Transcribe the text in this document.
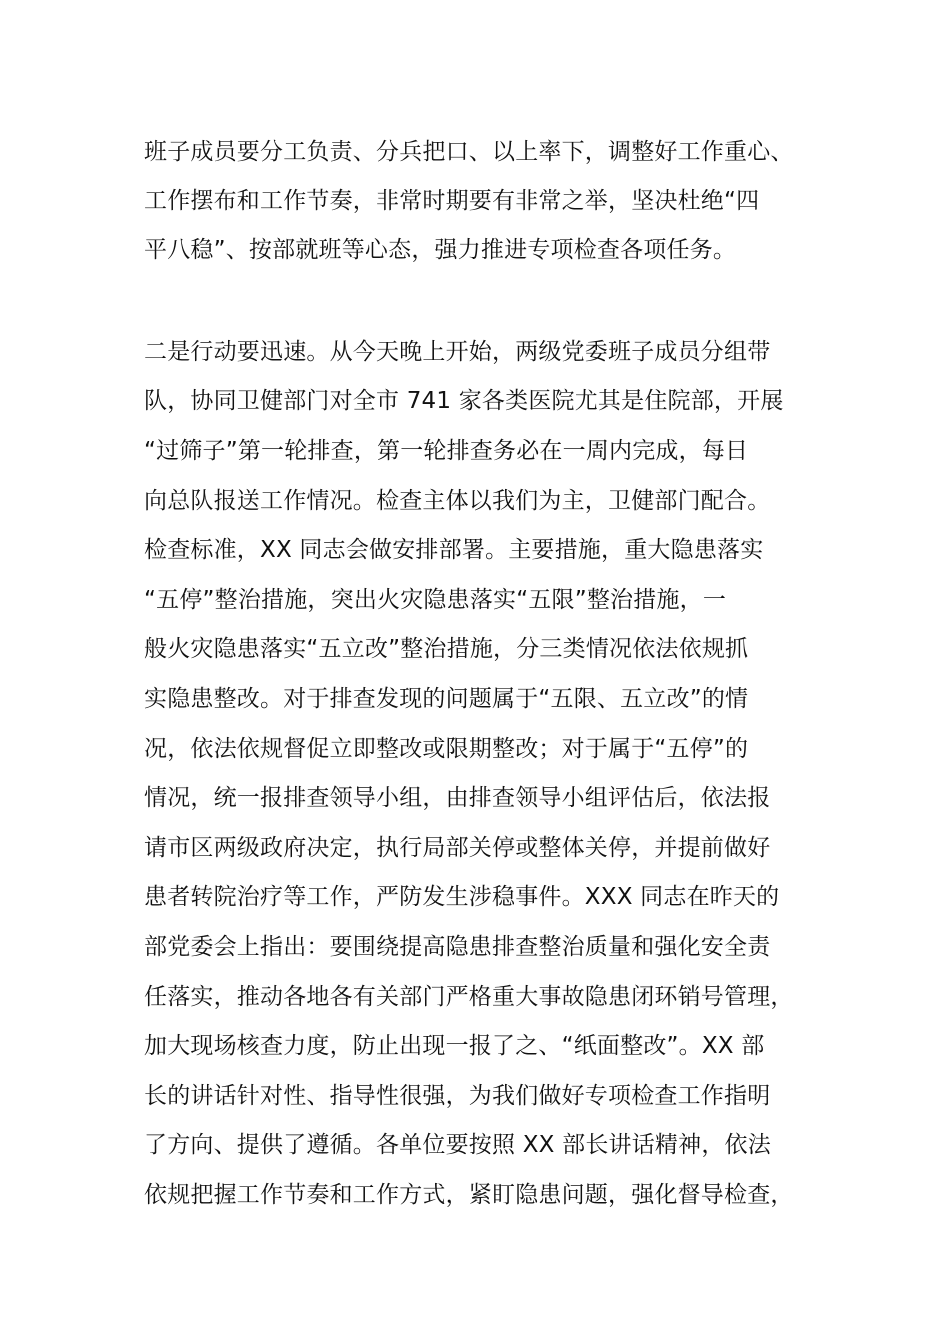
班子成员要分工负责、分兵把口、以上率下，调整好工作重心、
工作摆布和工作节奏，非常时期要有非常之举，坚决杜绝“四
平八稳”、按部就班等心态，强力推进专项检查各项任务。
二是行动要迅速。从今天晚上开始，两级党委班子成员分组带
队，协同卫健部门对全市 741 家各类医院尤其是住院部，开展
“过筛子”第一轮排查，第一轮排查务必在一周内完成，每日
向总队报送工作情况。检查主体以我们为主，卫健部门配合。
检查标准，XX 同志会做安排部署。主要措施，重大隐患落实
“五停”整治措施，突出火灾隐患落实“五限”整治措施，一
般火灾隐患落实“五立改”整治措施，分三类情况依法依规抓
实隐患整改。对于排查发现的问题属于“五限、五立改”的情
况，依法依规督促立即整改或限期整改；对于属于“五停”的
情况，统一报排查领导小组，由排查领导小组评估后，依法报
请市区两级政府决定，执行局部关停或整体关停，并提前做好
患者转院治疗等工作，严防发生涉稳事件。XXX 同志在昨天的
部党委会上指出：要围绕提高隐患排查整治质量和强化安全责
任落实，推动各地各有关部门严格重大事故隐患闭环销号管理，
加大现场核查力度，防止出现一报了之、“纸面整改”。XX 部
长的讲话针对性、指导性很强，为我们做好专项检查工作指明
了方向、提供了遵循。各单位要按照 XX 部长讲话精神，依法
依规把握工作节奏和工作方式，紧盯隐患问题，强化督导检查，
